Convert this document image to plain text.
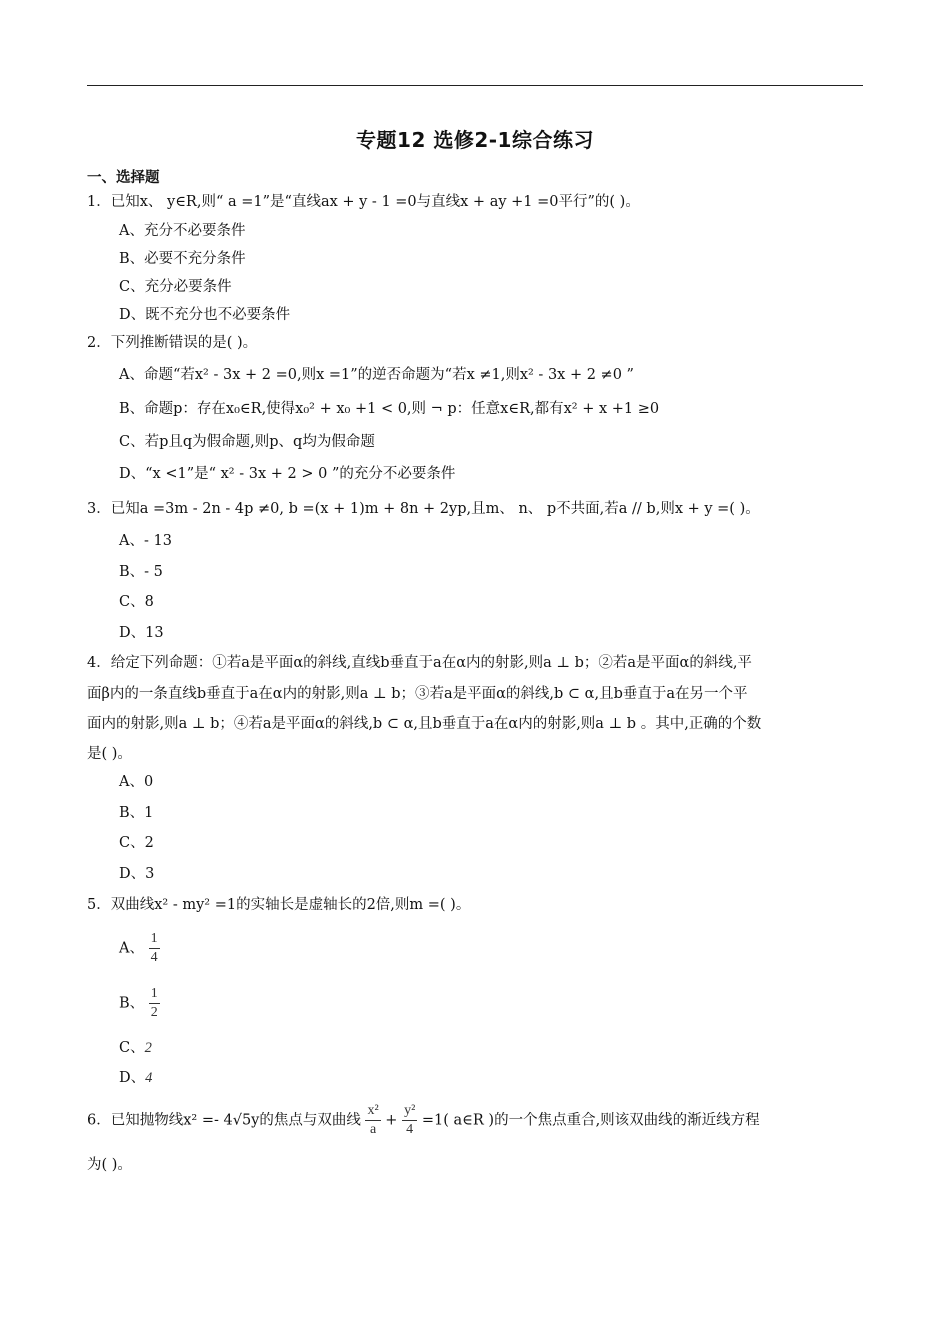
专题12 选修2-1综合练习
一、选择题
1．已知x、 y∈R,则“ a =1”是“直线ax + y - 1 =0与直线x + ay +1 =0平行”的( )。
A、充分不必要条件
B、必要不充分条件
C、充分必要条件
D、既不充分也不必要条件
2．下列推断错误的是( )。
A、命题“若x² - 3x + 2 =0,则x =1”的逆否命题为“若x ≠1,则x² - 3x + 2 ≠0 ”
B、命题p：存在x₀∈R,使得x₀² + x₀ +1 < 0,则 ¬ p：任意x∈R,都有x² + x +1 ≥0
C、若p且q为假命题,则p、q均为假命题
D、“x <1”是“ x² - 3x + 2 > 0 ”的充分不必要条件
3．已知a =3m - 2n - 4p ≠0, b =(x + 1)m + 8n + 2yp,且m、 n、 p不共面,若a // b,则x + y =( )。
A、- 13
B、- 5
C、8
D、13
4．给定下列命题：①若a是平面α的斜线,直线b垂直于a在α内的射影,则a ⊥ b；②若a是平面α的斜线,平
面β内的一条直线b垂直于a在α内的射影,则a ⊥ b；③若a是平面α的斜线,b ⊂ α,且b垂直于a在另一个平
面内的射影,则a ⊥ b；④若a是平面α的斜线,b ⊂ α,且b垂直于a在α内的射影,则a ⊥ b 。其中,正确的个数
是( )。
A、0
B、1
C、2
D、3
5．双曲线x² - my² =1的实轴长是虚轴长的2倍,则m =( )。
A、 $\frac{1}{4}$
B、 $\frac{1}{2}$
C、2
D、4
6．已知抛物线x² =- 4√5y的焦点与双曲线 $\frac{\text{x²}}{a} + \frac{\text{y²}}{4} =1$( a∈R )的一个焦点重合,则该双曲线的渐近线方程
为( )。
